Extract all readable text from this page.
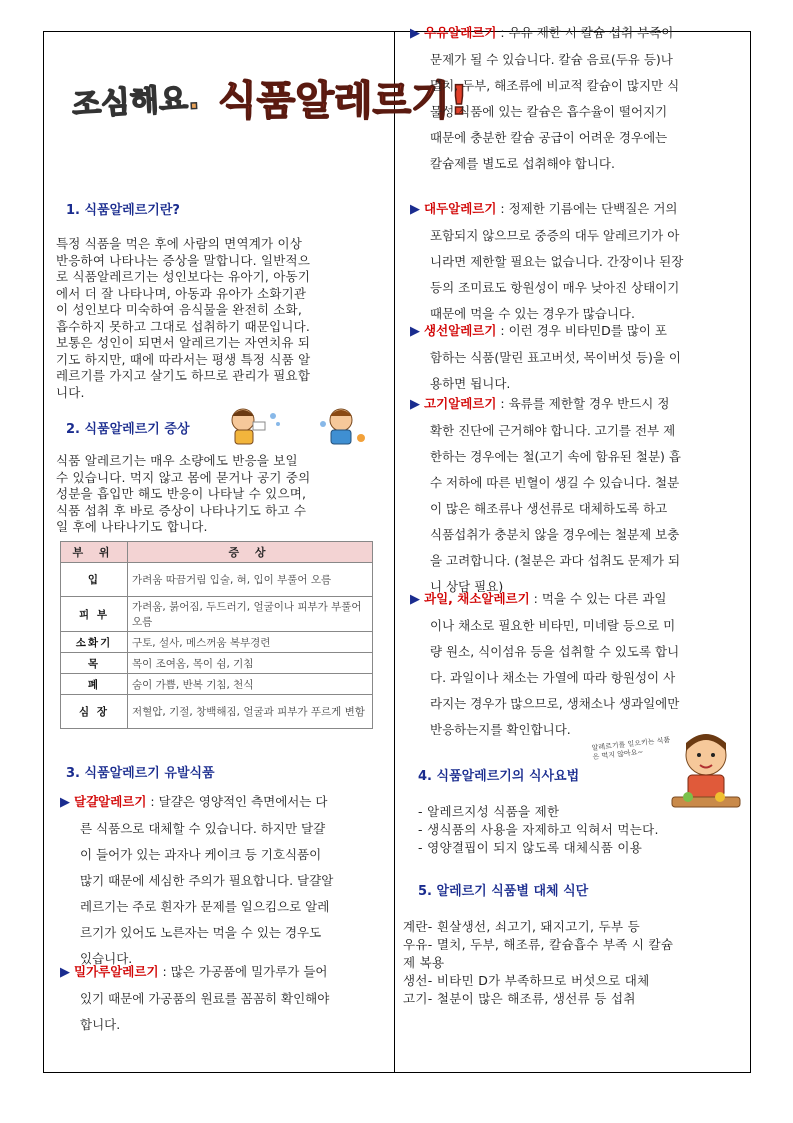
조심해요. 식품알레르기!
1. 식품알레르기란?
특정 식품을 먹은 후에 사람의 면역계가 이상
반응하여 나타나는 증상을 말합니다. 일반적으
로 식품알레르기는 성인보다는 유아기, 아동기
에서 더 잘 나타나며, 아동과 유아가 소화기관
이 성인보다 미숙하여 음식물을 완전히 소화,
흡수하지 못하고 그대로 섭취하기 때문입니다.
보통은 성인이 되면서 알레르기는 자연치유 되
기도 하지만, 때에 따라서는 평생 특정 식품 알
레르기를 가지고 살기도 하므로 관리가 필요합
니다.
2. 식품알레르기 증상
식품 알레르기는 매우 소량에도 반응을 보일
수 있습니다. 먹지 않고 몸에 묻거나 공기 중의
성분을 흡입만 해도 반응이 나타날 수 있으며,
식품 섭취 후 바로 증상이 나타나기도 하고 수
일 후에 나타나기도 합니다.
부 위	증 상
입	가려움 따끔거림 입술, 혀, 입이 부풀어 오름
피 부	가려움, 붉어짐, 두드러기, 얼굴이나 피부가 부풀어 오름
소화기	구토, 설사, 메스꺼움 복부경련
목	목이 조여옴, 목이 쉼, 기침
폐	숨이 가쁨, 반복 기침, 천식
심 장	저혈압, 기절, 창백해짐, 얼굴과 피부가 푸르게 변함
3. 식품알레르기 유발식품
▶ 달걀알레르기 : 달걀은 영양적인 측면에서는 다
른 식품으로 대체할 수 있습니다. 하지만 달걀
이 들어가 있는 과자나 케이크 등 기호식품이
많기 때문에 세심한 주의가 필요합니다. 달걀알
레르기는 주로 흰자가 문제를 일으킴으로 알레
르기가 있어도 노른자는 먹을 수 있는 경우도
있습니다.
▶ 밀가루알레르기 : 많은 가공품에 밀가루가 들어
있기 때문에 가공품의 원료를 꼼꼼히 확인해야
합니다.
▶ 우유알레르기 : 우유 제한 시 칼슘 섭취 부족이
문제가 될 수 있습니다. 칼슘 음료(두유 등)나
멸치, 두부, 해조류에 비교적 칼슘이 많지만 식
물성 식품에 있는 칼슘은 흡수율이 떨어지기
때문에 충분한 칼슘 공급이 어려운 경우에는
칼슘제를 별도로 섭취해야 합니다.
▶ 대두알레르기 : 정제한 기름에는 단백질은 거의
포함되지 않으므로 중증의 대두 알레르기가 아
니라면 제한할 필요는 없습니다. 간장이나 된장
등의 조미료도 항원성이 매우 낮아진 상태이기
때문에 먹을 수 있는 경우가 많습니다.
▶ 생선알레르기 : 이런 경우 비타민D를 많이 포
함하는 식품(말린 표고버섯, 목이버섯 등)을 이
용하면 됩니다.
▶ 고기알레르기 : 육류를 제한할 경우 반드시 정
확한 진단에 근거해야 합니다. 고기를 전부 제
한하는 경우에는 철(고기 속에 함유된 철분) 흡
수 저하에 따른 빈혈이 생길 수 있습니다. 철분
이 많은 해조류나 생선류로 대체하도록 하고
식품섭취가 충분치 않을 경우에는 철분제 보충
을 고려합니다. (철분은 과다 섭취도 문제가 되
니 상담 필요)
▶ 과일, 채소알레르기 : 먹을 수 있는 다른 과일
이나 채소로 필요한 비타민, 미네랄 등으로 미
량 원소, 식이섬유 등을 섭취할 수 있도록 합니
다. 과일이나 채소는 가열에 따라 항원성이 사
라지는 경우가 많으므로, 생채소나 생과일에만
반응하는지를 확인합니다.
4. 식품알레르기의 식사요법
알레르기를 일으키는 식품은 먹지 않아요~
- 알레르지성 식품을 제한
- 생식품의 사용을 자제하고 익혀서 먹는다.
- 영양결핍이 되지 않도록 대체식품 이용
5. 알레르기 식품별 대체 식단
계란- 흰살생선, 쇠고기, 돼지고기, 두부 등
우유- 멸치, 두부, 해조류, 칼슘흡수 부족 시 칼슘
제 복용
생선- 비타민 D가 부족하므로 버섯으로 대체
고기- 철분이 많은 해조류, 생선류 등 섭취
